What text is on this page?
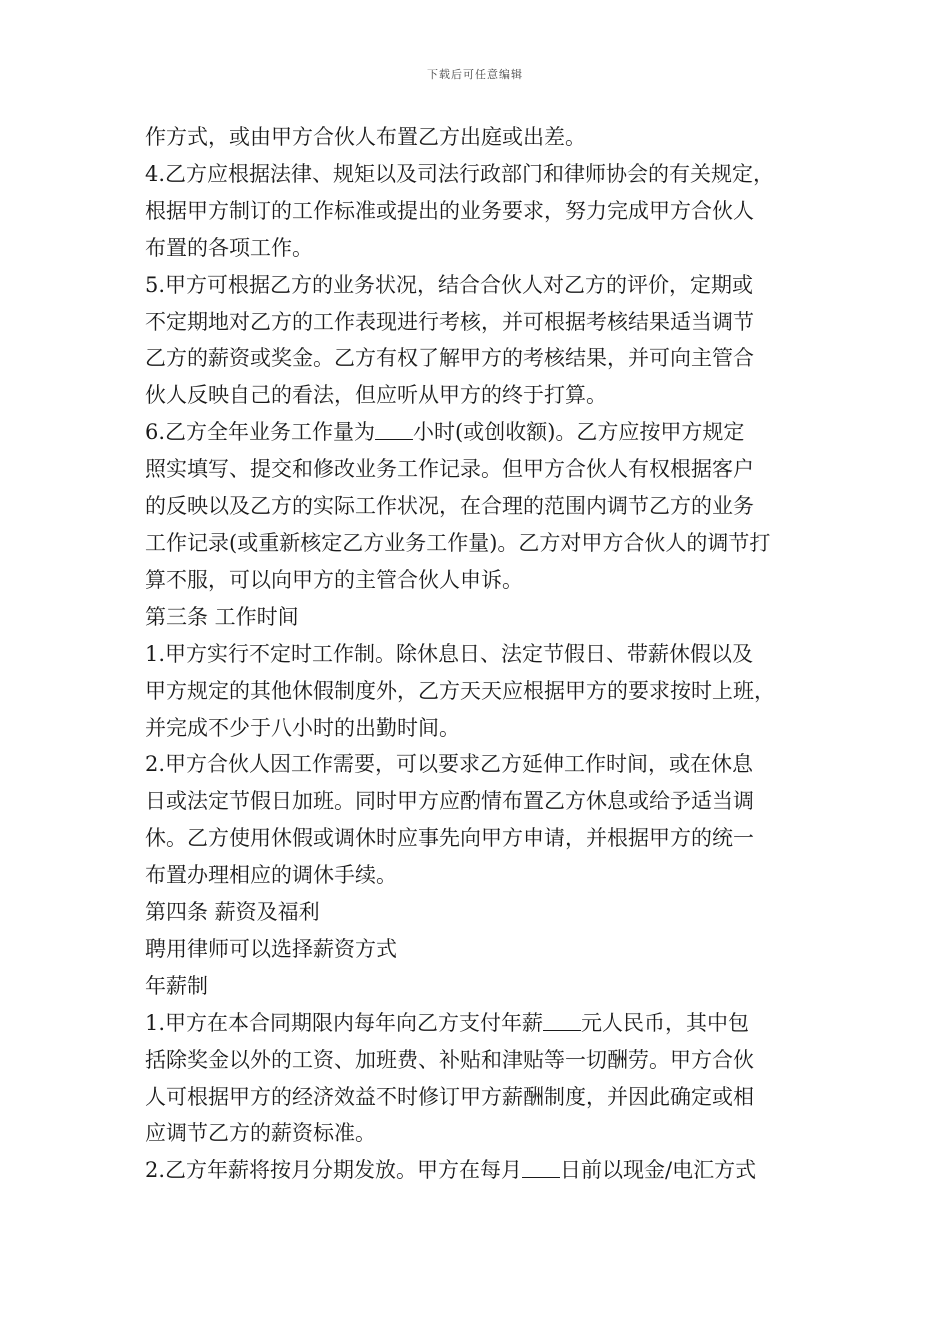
下载后可任意编辑

作方式，或由甲方合伙人布置乙方出庭或出差。

4.乙方应根据法律、规矩以及司法行政部门和律师协会的有关规定，

根据甲方制订的工作标准或提出的业务要求，努力完成甲方合伙人

布置的各项工作。

5.甲方可根据乙方的业务状况，结合合伙人对乙方的评价，定期或

不定期地对乙方的工作表现进行考核，并可根据考核结果适当调节

乙方的薪资或奖金。乙方有权了解甲方的考核结果，并可向主管合

伙人反映自己的看法，但应听从甲方的终于打算。

6.乙方全年业务工作量为 小时(或创收额)。乙方应按甲方规定

照实填写、提交和修改业务工作记录。但甲方合伙人有权根据客户

的反映以及乙方的实际工作状况，在合理的范围内调节乙方的业务

工作记录(或重新核定乙方业务工作量)。乙方对甲方合伙人的调节打

算不服，可以向甲方的主管合伙人申诉。

第三条 工作时间

1.甲方实行不定时工作制。除休息日、法定节假日、带薪休假以及

甲方规定的其他休假制度外，乙方天天应根据甲方的要求按时上班，

并完成不少于八小时的出勤时间。

2.甲方合伙人因工作需要，可以要求乙方延伸工作时间，或在休息

日或法定节假日加班。同时甲方应酌情布置乙方休息或给予适当调

休。乙方使用休假或调休时应事先向甲方申请，并根据甲方的统一

布置办理相应的调休手续。

第四条 薪资及福利

聘用律师可以选择薪资方式

年薪制

1.甲方在本合同期限内每年向乙方支付年薪 元人民币，其中包

括除奖金以外的工资、加班费、补贴和津贴等一切酬劳。甲方合伙

人可根据甲方的经济效益不时修订甲方薪酬制度，并因此确定或相

应调节乙方的薪资标准。

2.乙方年薪将按月分期发放。甲方在每月 日前以现金/电汇方式
